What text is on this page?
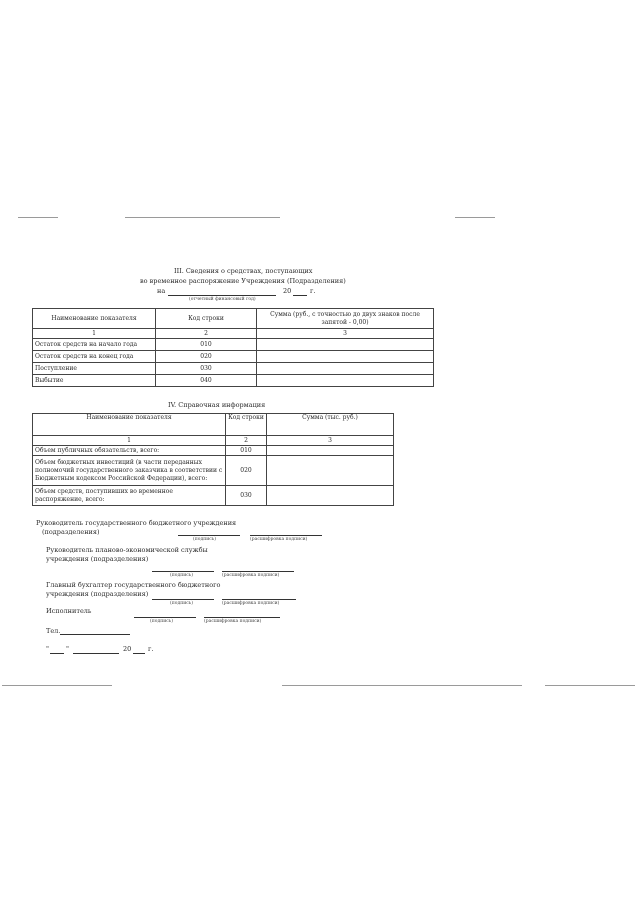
III. Сведения о средствах, поступающих
во временное распоряжение Учреждения (Подразделения)
на	20	г.
(отчетный финансовый год)
Наименование показателя	Код строки	Сумма (руб., с точностью до двух знаков после запятой - 0,00)
1	2	3
Остаток средств на начало года	010	
Остаток средств на конец года	020	
Поступление	030	
Выбытие	040	
IV. Справочная информация
Наименование показателя	Код строки	Сумма (тыс. руб.)
1	2	3
Объем публичных обязательств, всего:	010	
Объем бюджетных инвестиций (в части переданных полномочий государственного заказчика в соответствии с Бюджетным кодексом Российской Федерации), всего:	020	
Объем средств, поступивших во временное распоряжение, всего:	030	
Руководитель государственного бюджетного учреждения
(подразделения)
(подпись)	(расшифровка подписи)
Руководитель планово-экономической службы
учреждения (подразделения)
(подпись)	(расшифровка подписи)
Главный бухгалтер государственного бюджетного
учреждения (подразделения)
(подпись)	(расшифровка подписи)
Исполнитель
(подпись)	(расшифровка подписи)
Тел.
"	"	20	г.
